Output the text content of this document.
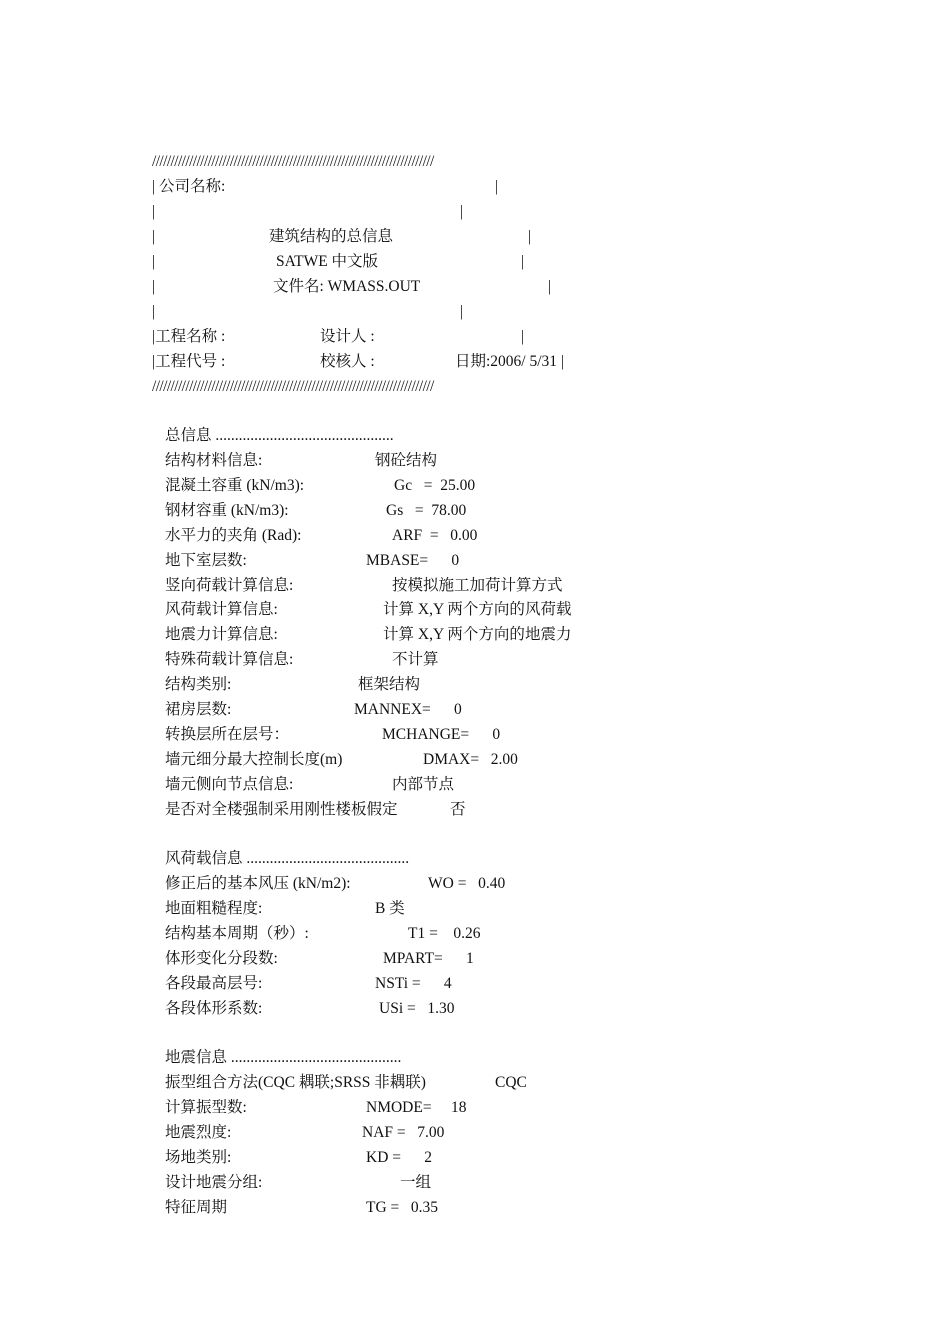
////////////////////////////////////////////////////////////////////////////
| 公司名称:	|
|	|
|	建筑结构的总信息	|
|	SATWE 中文版	|
|	文件名: WMASS.OUT	|
|	|
|工程名称 :	设计人 :	|
|工程代号 :	校核人 :	日期:2006/ 5/31 |
////////////////////////////////////////////////////////////////////////////
总信息 ..............................................
结构材料信息:	钢砼结构
混凝土容重 (kN/m3):	Gc   =  25.00
钢材容重 (kN/m3):	Gs   =  78.00
水平力的夹角 (Rad):	ARF  =   0.00
地下室层数:	MBASE=      0
竖向荷载计算信息:	按模拟施工加荷计算方式
风荷载计算信息:	计算 X,Y 两个方向的风荷载
地震力计算信息:	计算 X,Y 两个方向的地震力
特殊荷载计算信息:	不计算
结构类别:	框架结构
裙房层数:	MANNEX=      0
转换层所在层号：	MCHANGE=      0
墙元细分最大控制长度(m)	DMAX=   2.00
墙元侧向节点信息:	内部节点
是否对全楼强制采用刚性楼板假定	否
风荷载信息 ..........................................
修正后的基本风压 (kN/m2):	WO =   0.40
地面粗糙程度:	B 类
结构基本周期（秒）:	T1 =    0.26
体形变化分段数:	MPART=      1
各段最高层号:	NSTi =      4
各段体形系数:	USi =   1.30
地震信息 ............................................
振型组合方法(CQC 耦联;SRSS 非耦联)	CQC
计算振型数:	NMODE=     18
地震烈度:	NAF =   7.00
场地类别:	KD =      2
设计地震分组:	一组
特征周期	TG =   0.35
